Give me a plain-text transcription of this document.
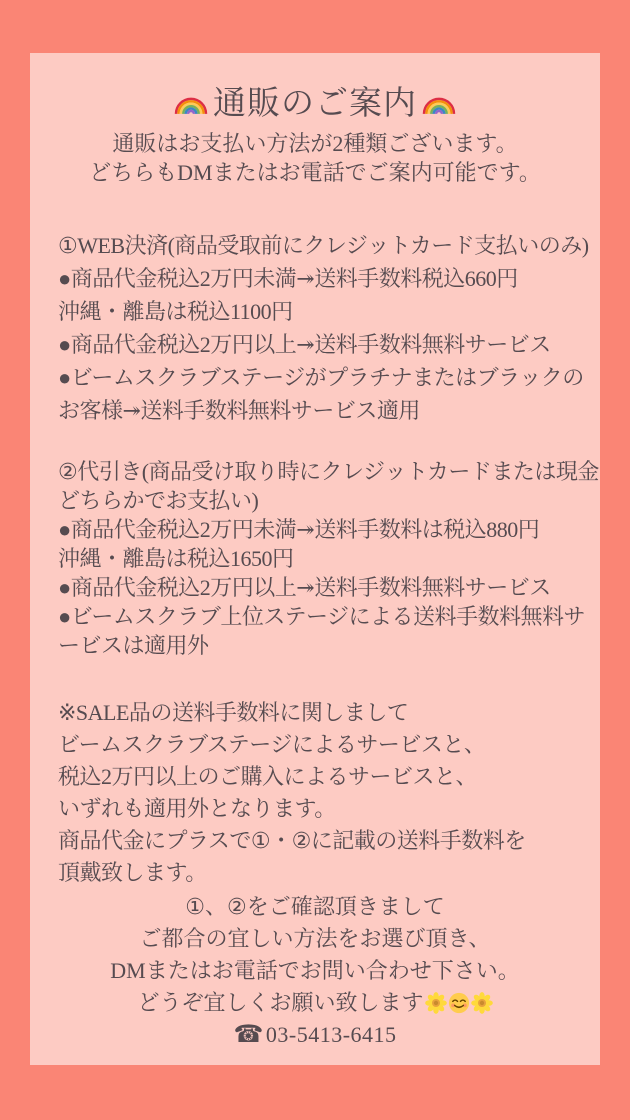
通販のご案内
通販はお支払い方法が2種類ございます。
どちらもDMまたはお電話でご案内可能です。
①WEB決済(商品受取前にクレジットカード支払いのみ)
●商品代金税込2万円未満↠送料手数料税込660円
沖縄・離島は税込1100円
●商品代金税込2万円以上↠送料手数料無料サービス
●ビームスクラブステージがプラチナまたはブラックの
お客様↠送料手数料無料サービス適用
②代引き(商品受け取り時にクレジットカードまたは現金
どちらかでお支払い)
●商品代金税込2万円未満↠送料手数料は税込880円
沖縄・離島は税込1650円
●商品代金税込2万円以上↠送料手数料無料サービス
●ビームスクラブ上位ステージによる送料手数料無料サ
ービスは適用外
※SALE品の送料手数料に関しまして
ビームスクラブステージによるサービスと、
税込2万円以上のご購入によるサービスと、
いずれも適用外となります。
商品代金にプラスで①・②に記載の送料手数料を
頂戴致します。
①、②をご確認頂きまして
ご都合の宜しい方法をお選び頂き、
DMまたはお電話でお問い合わせ下さい。
どうぞ宜しくお願い致します
☎03-5413-6415
